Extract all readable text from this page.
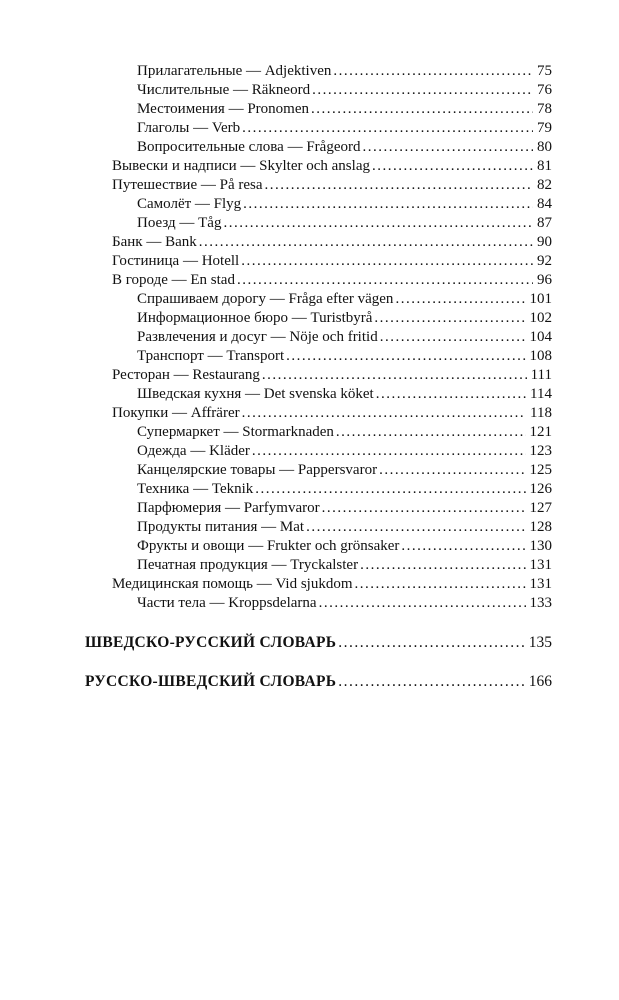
Прилагательные — Adjektiven .....	75
Числительные — Räkneord .....	76
Местоимения — Pronomen .....	78
Глаголы — Verb .....	79
Вопросительные слова — Frågeord .....	80
Вывески и надписи — Skylter och anslag .....	81
Путешествие — På resa .....	82
Самолёт — Flyg .....	84
Поезд — Тåg .....	87
Банк — Bank .....	90
Гостиница — Hotell .....	92
В городе — En stad .....	96
Спрашиваем дорогу — Fråga efter vägen .....	101
Информационное бюро — Turistbyrå .....	102
Развлечения и досуг — Nöje och fritid .....	104
Транспорт — Transport .....	108
Ресторан — Restaurang .....	111
Шведская кухня — Det svenska köket .....	114
Покупки — Affrärer .....	118
Супермаркет — Stormarknaden .....	121
Одежда — Kläder .....	123
Канцелярские товары — Pappersvaror .....	125
Техника — Teknik .....	126
Парфюмерия — Parfymvaror .....	127
Продукты питания — Mat .....	128
Фрукты и овощи — Frukter och grönsaker .....	130
Печатная продукция — Tryckalster .....	131
Медицинская помощь — Vid sjukdom .....	131
Части тела — Kroppsdelarna .....	133
ШВЕДСКО-РУССКИЙ СЛОВАРЬ .....	135
РУССКО-ШВЕДСКИЙ СЛОВАРЬ .....	166
